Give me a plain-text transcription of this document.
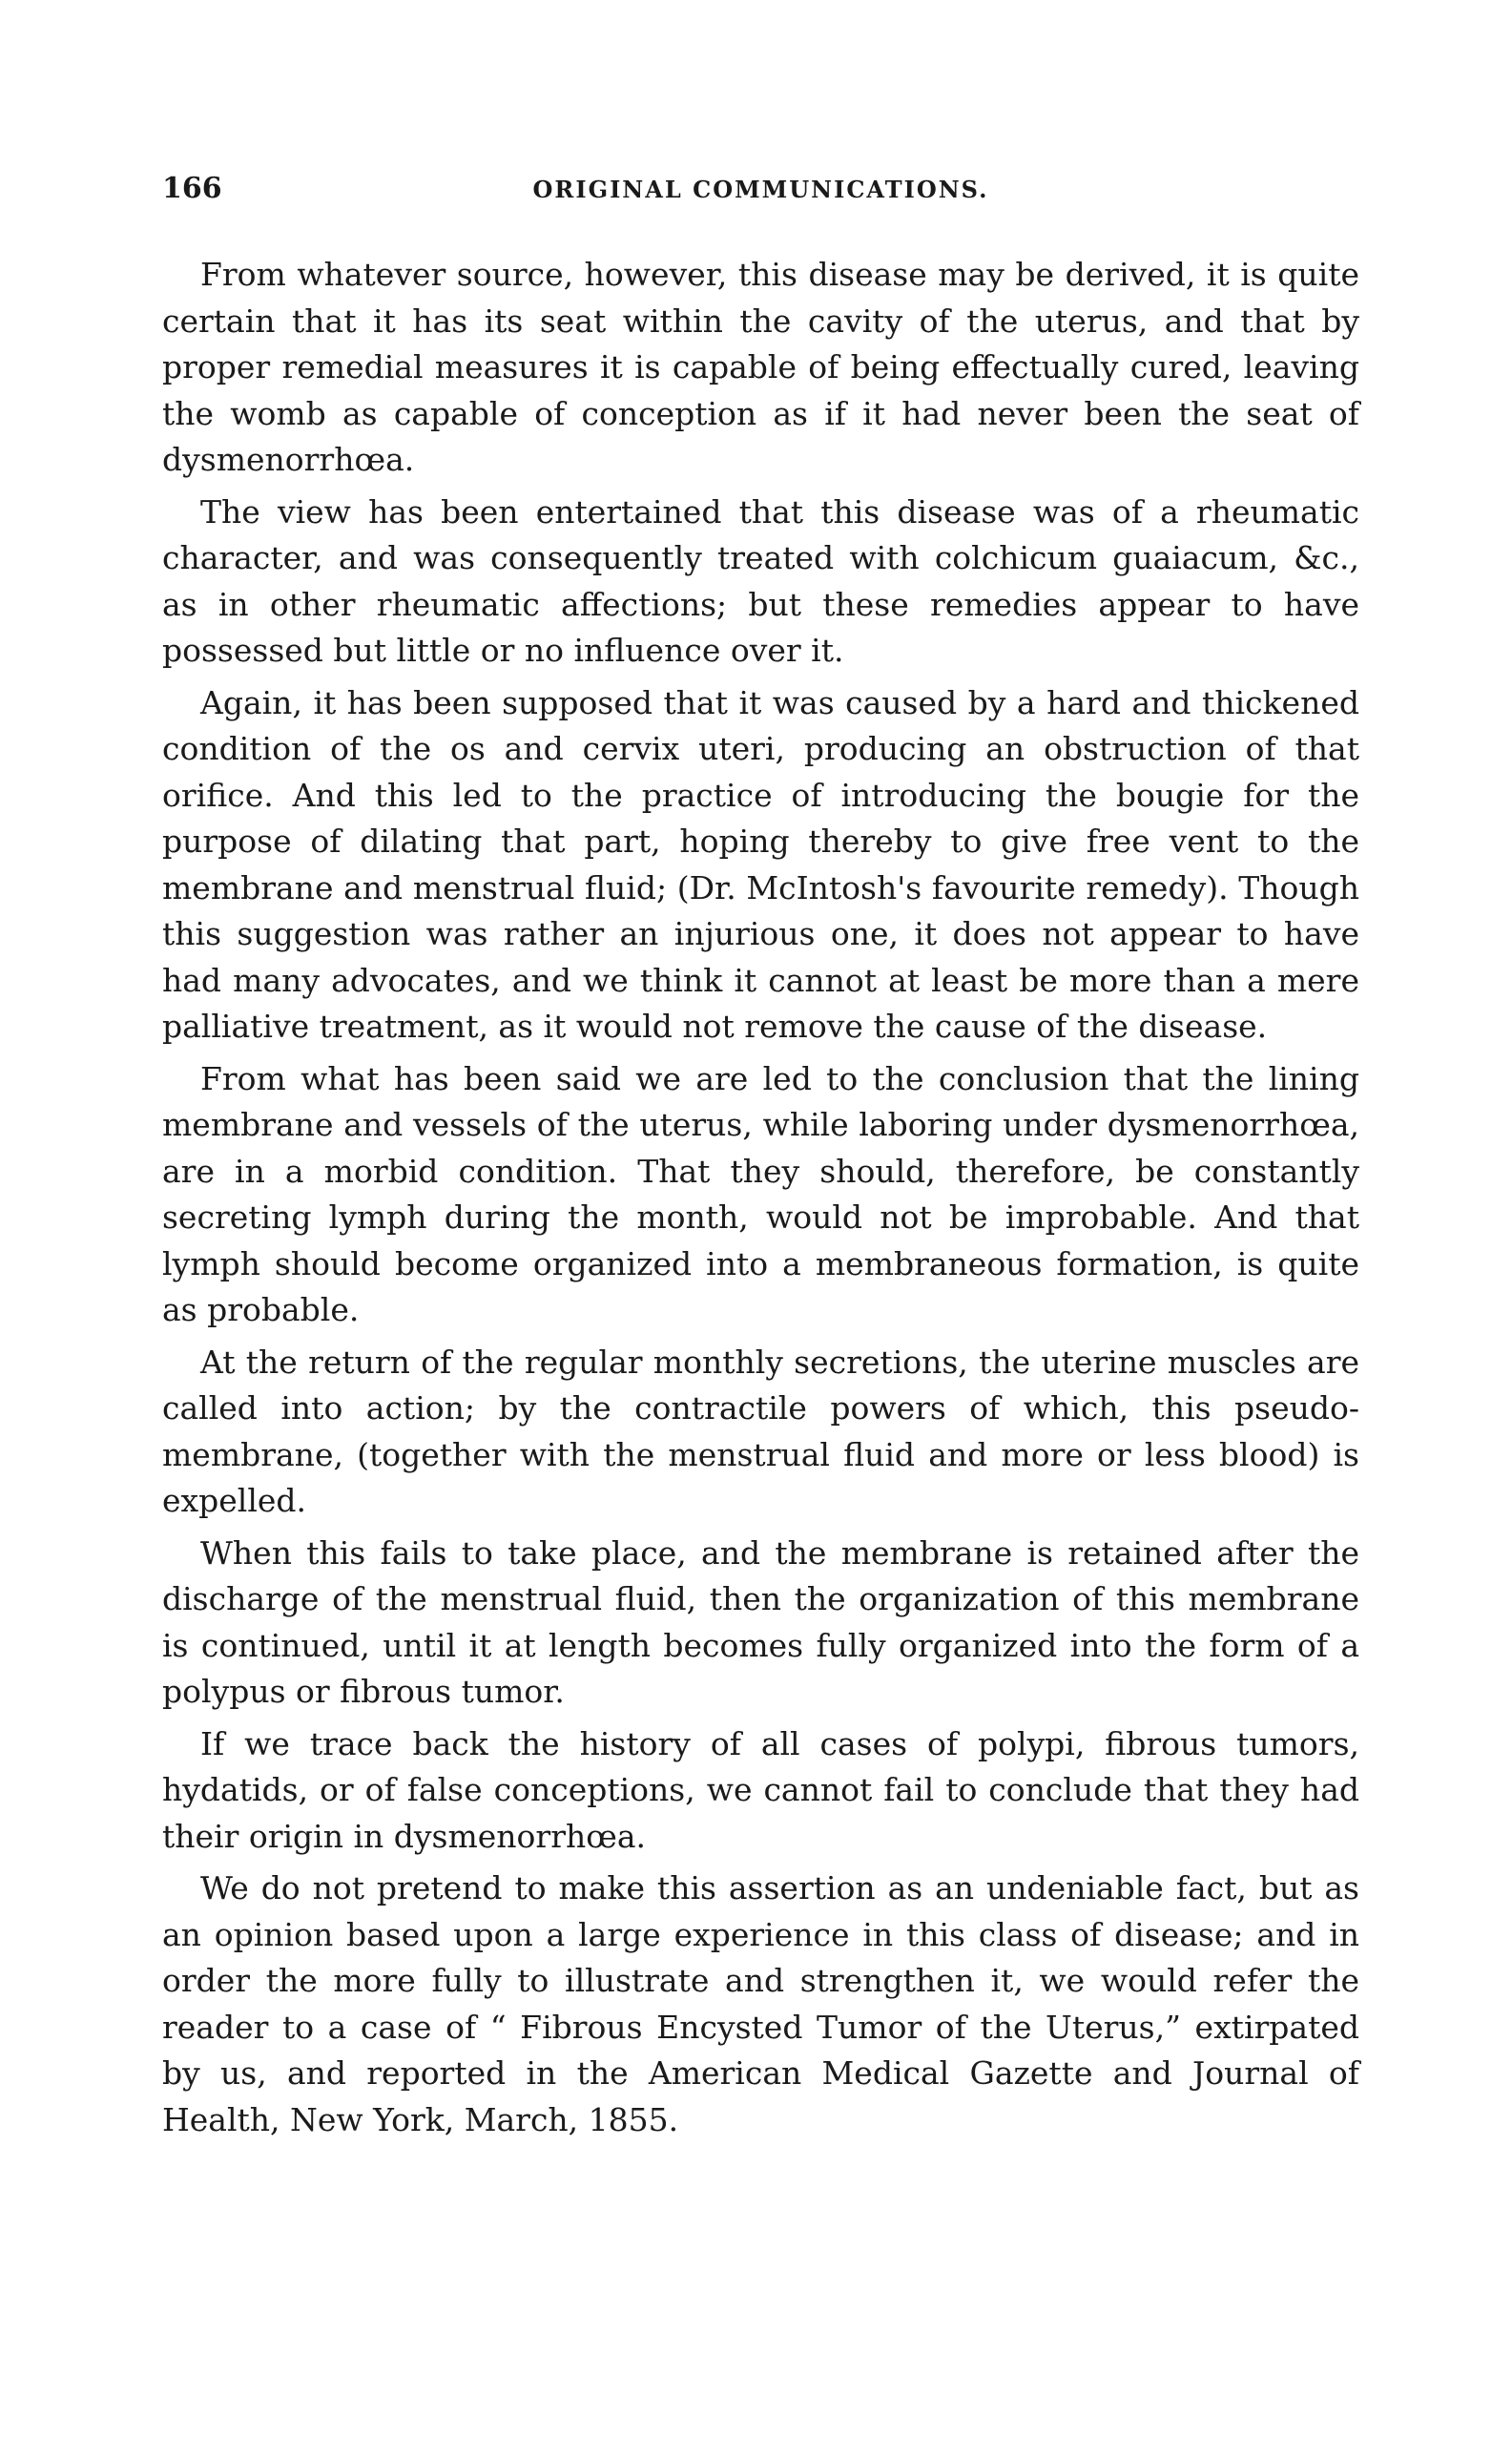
166	ORIGINAL COMMUNICATIONS.

From whatever source, however, this disease may be derived, it is quite certain that it has its seat within the cavity of the uterus, and that by proper remedial measures it is capable of being effectually cured, leaving the womb as capable of conception as if it had never been the seat of dysmenorrhœa.

The view has been entertained that this disease was of a rheumatic character, and was consequently treated with colchicum guaiacum, &c., as in other rheumatic affections; but these remedies appear to have possessed but little or no influence over it.

Again, it has been supposed that it was caused by a hard and thickened condition of the os and cervix uteri, producing an obstruction of that orifice. And this led to the practice of introducing the bougie for the purpose of dilating that part, hoping thereby to give free vent to the membrane and menstrual fluid; (Dr. McIntosh's favourite remedy). Though this suggestion was rather an injurious one, it does not appear to have had many advocates, and we think it cannot at least be more than a mere palliative treatment, as it would not remove the cause of the disease.

From what has been said we are led to the conclusion that the lining membrane and vessels of the uterus, while laboring under dysmenorrhœa, are in a morbid condition. That they should, therefore, be constantly secreting lymph during the month, would not be improbable. And that lymph should become organized into a membraneous formation, is quite as probable.

At the return of the regular monthly secretions, the uterine muscles are called into action; by the contractile powers of which, this pseudo-membrane, (together with the menstrual fluid and more or less blood) is expelled.

When this fails to take place, and the membrane is retained after the discharge of the menstrual fluid, then the organization of this membrane is continued, until it at length becomes fully organized into the form of a polypus or fibrous tumor.

If we trace back the history of all cases of polypi, fibrous tumors, hydatids, or of false conceptions, we cannot fail to conclude that they had their origin in dysmenorrhœa.

We do not pretend to make this assertion as an undeniable fact, but as an opinion based upon a large experience in this class of disease; and in order the more fully to illustrate and strengthen it, we would refer the reader to a case of “ Fibrous Encysted Tumor of the Uterus,” extirpated by us, and reported in the American Medical Gazette and Journal of Health, New York, March, 1855.
